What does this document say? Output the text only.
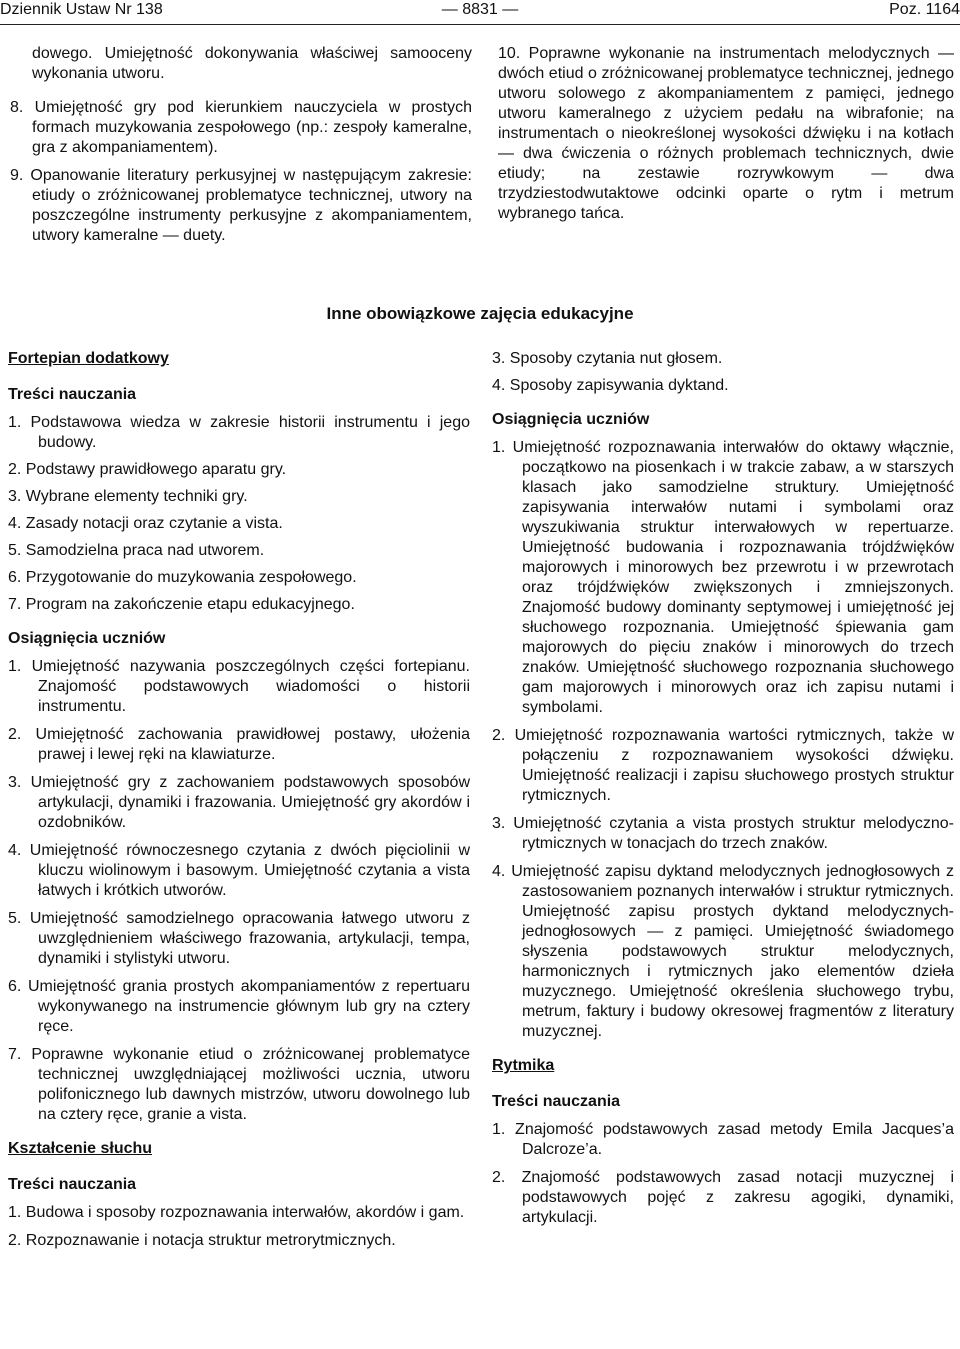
Dziennik Ustaw Nr 138	— 8831 —	Poz. 1164

dowego. Umiejętność dokonywania właściwej samooceny wykonania utworu.

8. Umiejętność gry pod kierunkiem nauczyciela w prostych formach muzykowania zespołowego (np.: zespoły kameralne, gra z akompaniamentem).

9. Opanowanie literatury perkusyjnej w następującym zakresie: etiudy o zróżnicowanej problematyce technicznej, utwory na poszczególne instrumenty perkusyjne z akompaniamentem, utwory kameralne — duety.

10. Poprawne wykonanie na instrumentach melodycznych — dwóch etiud o zróżnicowanej problematyce technicznej, jednego utworu solowego z akompaniamentem z pamięci, jednego utworu kameralnego z użyciem pedału na wibrafonie; na instrumentach o nieokreślonej wysokości dźwięku i na kotłach — dwa ćwiczenia o różnych problemach technicznych, dwie etiudy; na zestawie rozrywkowym — dwa trzydziestodwutaktowe odcinki oparte o rytm i metrum wybranego tańca.

Inne obowiązkowe zajęcia edukacyjne
Fortepian dodatkowy
Treści nauczania
1. Podstawowa wiedza w zakresie historii instrumentu i jego budowy.
2. Podstawy prawidłowego aparatu gry.
3. Wybrane elementy techniki gry.
4. Zasady notacji oraz czytanie a vista.
5. Samodzielna praca nad utworem.
6. Przygotowanie do muzykowania zespołowego.
7. Program na zakończenie etapu edukacyjnego.
Osiągnięcia uczniów
1. Umiejętność nazywania poszczególnych części fortepianu. Znajomość podstawowych wiadomości o historii instrumentu.
2. Umiejętność zachowania prawidłowej postawy, ułożenia prawej i lewej ręki na klawiaturze.
3. Umiejętność gry z zachowaniem podstawowych sposobów artykulacji, dynamiki i frazowania. Umiejętność gry akordów i ozdobników.
4. Umiejętność równoczesnego czytania z dwóch pięciolinii w kluczu wiolinowym i basowym. Umiejętność czytania a vista łatwych i krótkich utworów.
5. Umiejętność samodzielnego opracowania łatwego utworu z uwzględnieniem właściwego frazowania, artykulacji, tempa, dynamiki i stylistyki utworu.
6. Umiejętność grania prostych akompaniamentów z repertuaru wykonywanego na instrumencie głównym lub gry na cztery ręce.
7. Poprawne wykonanie etiud o zróżnicowanej problematyce technicznej uwzględniającej możliwości ucznia, utworu polifonicznego lub dawnych mistrzów, utworu dowolnego lub na cztery ręce, granie a vista.
Kształcenie słuchu
Treści nauczania
1. Budowa i sposoby rozpoznawania interwałów, akordów i gam.
2. Rozpoznawanie i notacja struktur metrorytmicznych.
3. Sposoby czytania nut głosem.
4. Sposoby zapisywania dyktand.
Osiągnięcia uczniów
1. Umiejętność rozpoznawania interwałów do oktawy włącznie, początkowo na piosenkach i w trakcie zabaw, a w starszych klasach jako samodzielne struktury. Umiejętność zapisywania interwałów nutami i symbolami oraz wyszukiwania struktur interwałowych w repertuarze. Umiejętność budowania i rozpoznawania trójdźwięków majorowych i minorowych bez przewrotu i w przewrotach oraz trójdźwięków zwiększonych i zmniejszonych. Znajomość budowy dominanty septymowej i umiejętność jej słuchowego rozpoznania. Umiejętność śpiewania gam majorowych do pięciu znaków i minorowych do trzech znaków. Umiejętność słuchowego rozpoznania słuchowego gam majorowych i minorowych oraz ich zapisu nutami i symbolami.
2. Umiejętność rozpoznawania wartości rytmicznych, także w połączeniu z rozpoznawaniem wysokości dźwięku. Umiejętność realizacji i zapisu słuchowego prostych struktur rytmicznych.
3. Umiejętność czytania a vista prostych struktur melodyczno-rytmicznych w tonacjach do trzech znaków.
4. Umiejętność zapisu dyktand melodycznych jednogłosowych z zastosowaniem poznanych interwałów i struktur rytmicznych. Umiejętność zapisu prostych dyktand melodycznych-jednogłosowych — z pamięci. Umiejętność świadomego słyszenia podstawowych struktur melodycznych, harmonicznych i rytmicznych jako elementów dzieła muzycznego. Umiejętność określenia słuchowego trybu, metrum, faktury i budowy okresowej fragmentów z literatury muzycznej.
Rytmika
Treści nauczania
1. Znajomość podstawowych zasad metody Emila Jacques’a Dalcroze’a.
2. Znajomość podstawowych zasad notacji muzycznej i podstawowych pojęć z zakresu agogiki, dynamiki, artykulacji.
